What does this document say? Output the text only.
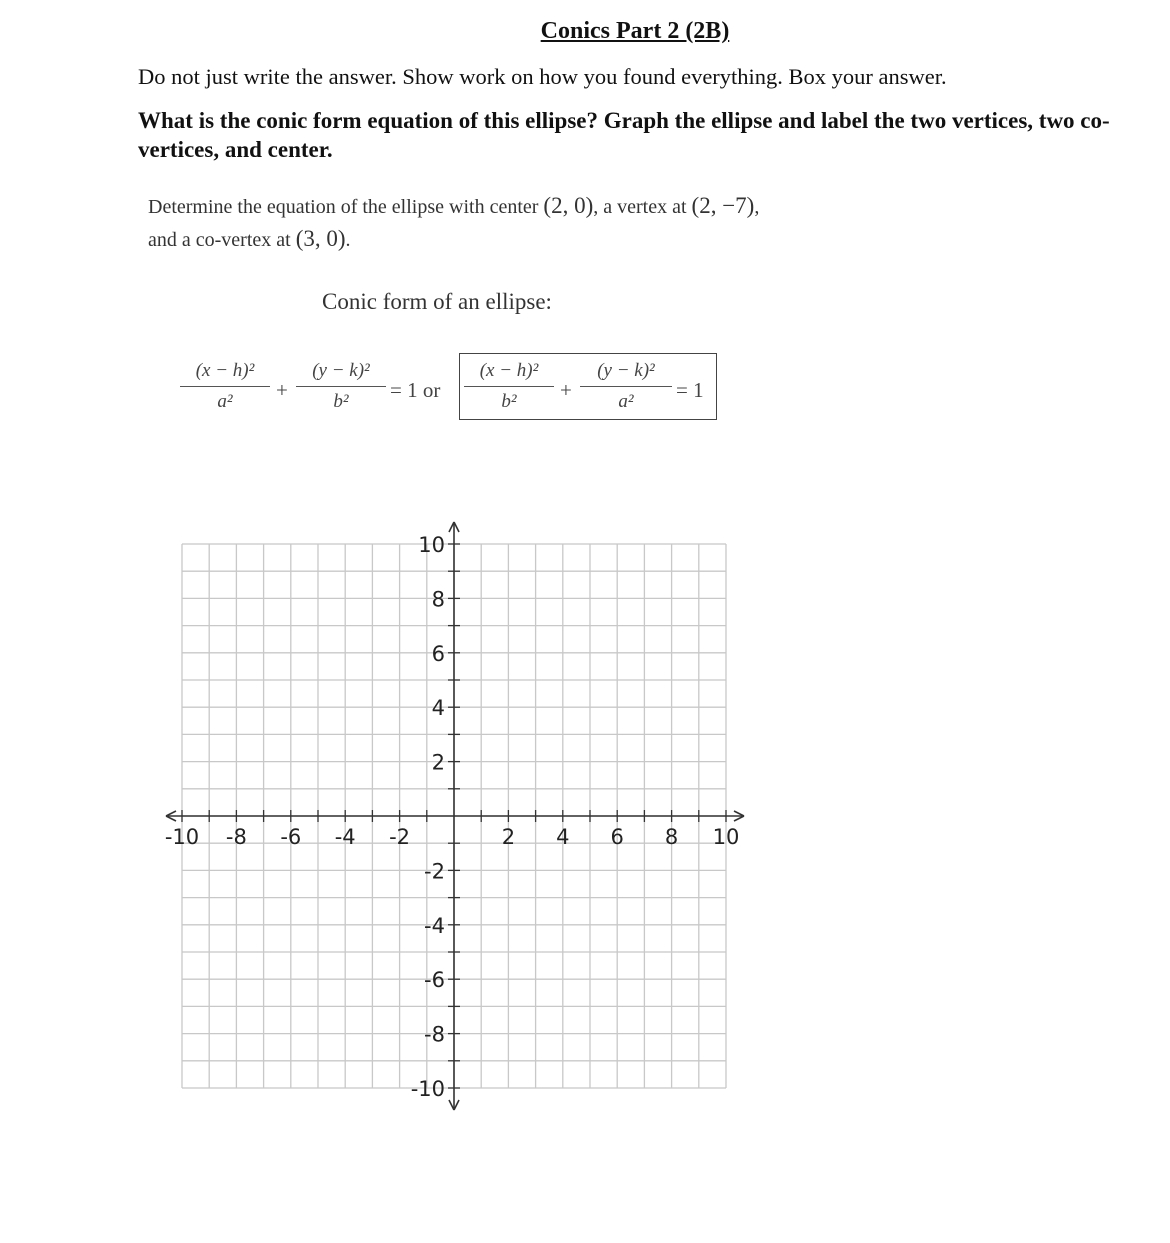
Conics Part 2 (2B)
Do not just write the answer. Show work on how you found everything. Box your answer.
What is the conic form equation of this ellipse? Graph the ellipse and label the two vertices, two co-vertices, and center.
Determine the equation of the ellipse with center (2, 0), a vertex at (2, −7), and a co-vertex at (3, 0).
Conic form of an ellipse:
$\frac{\text{(x − h)²}}{\text{a²}} + \frac{\text{(y − k)²}}{\text{b²}} = 1$ or $\frac{\text{(x − h)²}}{\text{b²}} + \frac{\text{(y − k)²}}{\text{a²}} = 1$
-10 -8 -6 -4 -2	2 4 6 8 10
10
8
6
4
2
-2
-4
-6
-8
-10
